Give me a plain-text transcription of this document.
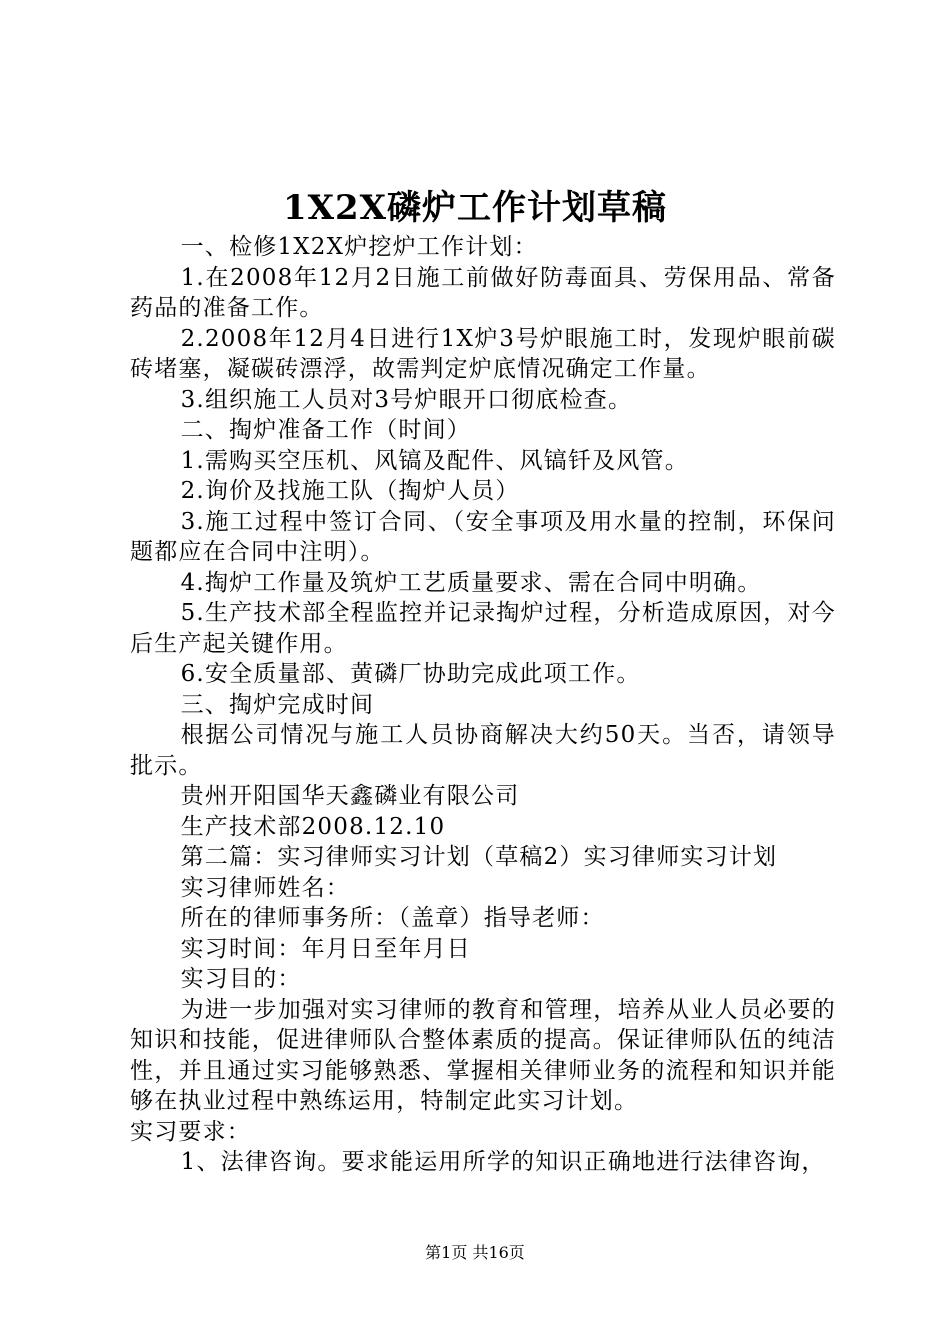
1X2X磷炉工作计划草稿

一、检修1X2X炉挖炉工作计划：

1.在2008年12月2日施工前做好防毒面具、劳保用品、常备药品的准备工作。

2.2008年12月4日进行1X炉3号炉眼施工时，发现炉眼前碳砖堵塞，凝碳砖漂浮，故需判定炉底情况确定工作量。

3.组织施工人员对3号炉眼开口彻底检查。

二、掏炉准备工作（时间）

1.需购买空压机、风镐及配件、风镐钎及风管。

2.询价及找施工队（掏炉人员）

3.施工过程中签订合同、（安全事项及用水量的控制，环保问题都应在合同中注明）。

4.掏炉工作量及筑炉工艺质量要求、需在合同中明确。

5.生产技术部全程监控并记录掏炉过程，分析造成原因，对今后生产起关键作用。

6.安全质量部、黄磷厂协助完成此项工作。

三、掏炉完成时间

根据公司情况与施工人员协商解决大约50天。当否，请领导批示。

贵州开阳国华天鑫磷业有限公司

生产技术部2008.12.10

第二篇：实习律师实习计划（草稿2）实习律师实习计划

实习律师姓名：

所在的律师事务所：（盖章）指导老师：

实习时间：年月日至年月日

实习目的：

为进一步加强对实习律师的教育和管理，培养从业人员必要的知识和技能，促进律师队合整体素质的提高。保证律师队伍的纯洁性，并且通过实习能够熟悉、掌握相关律师业务的流程和知识并能够在执业过程中熟练运用，特制定此实习计划。

实习要求：

1、法律咨询。要求能运用所学的知识正确地进行法律咨询，

第1页 共16页
